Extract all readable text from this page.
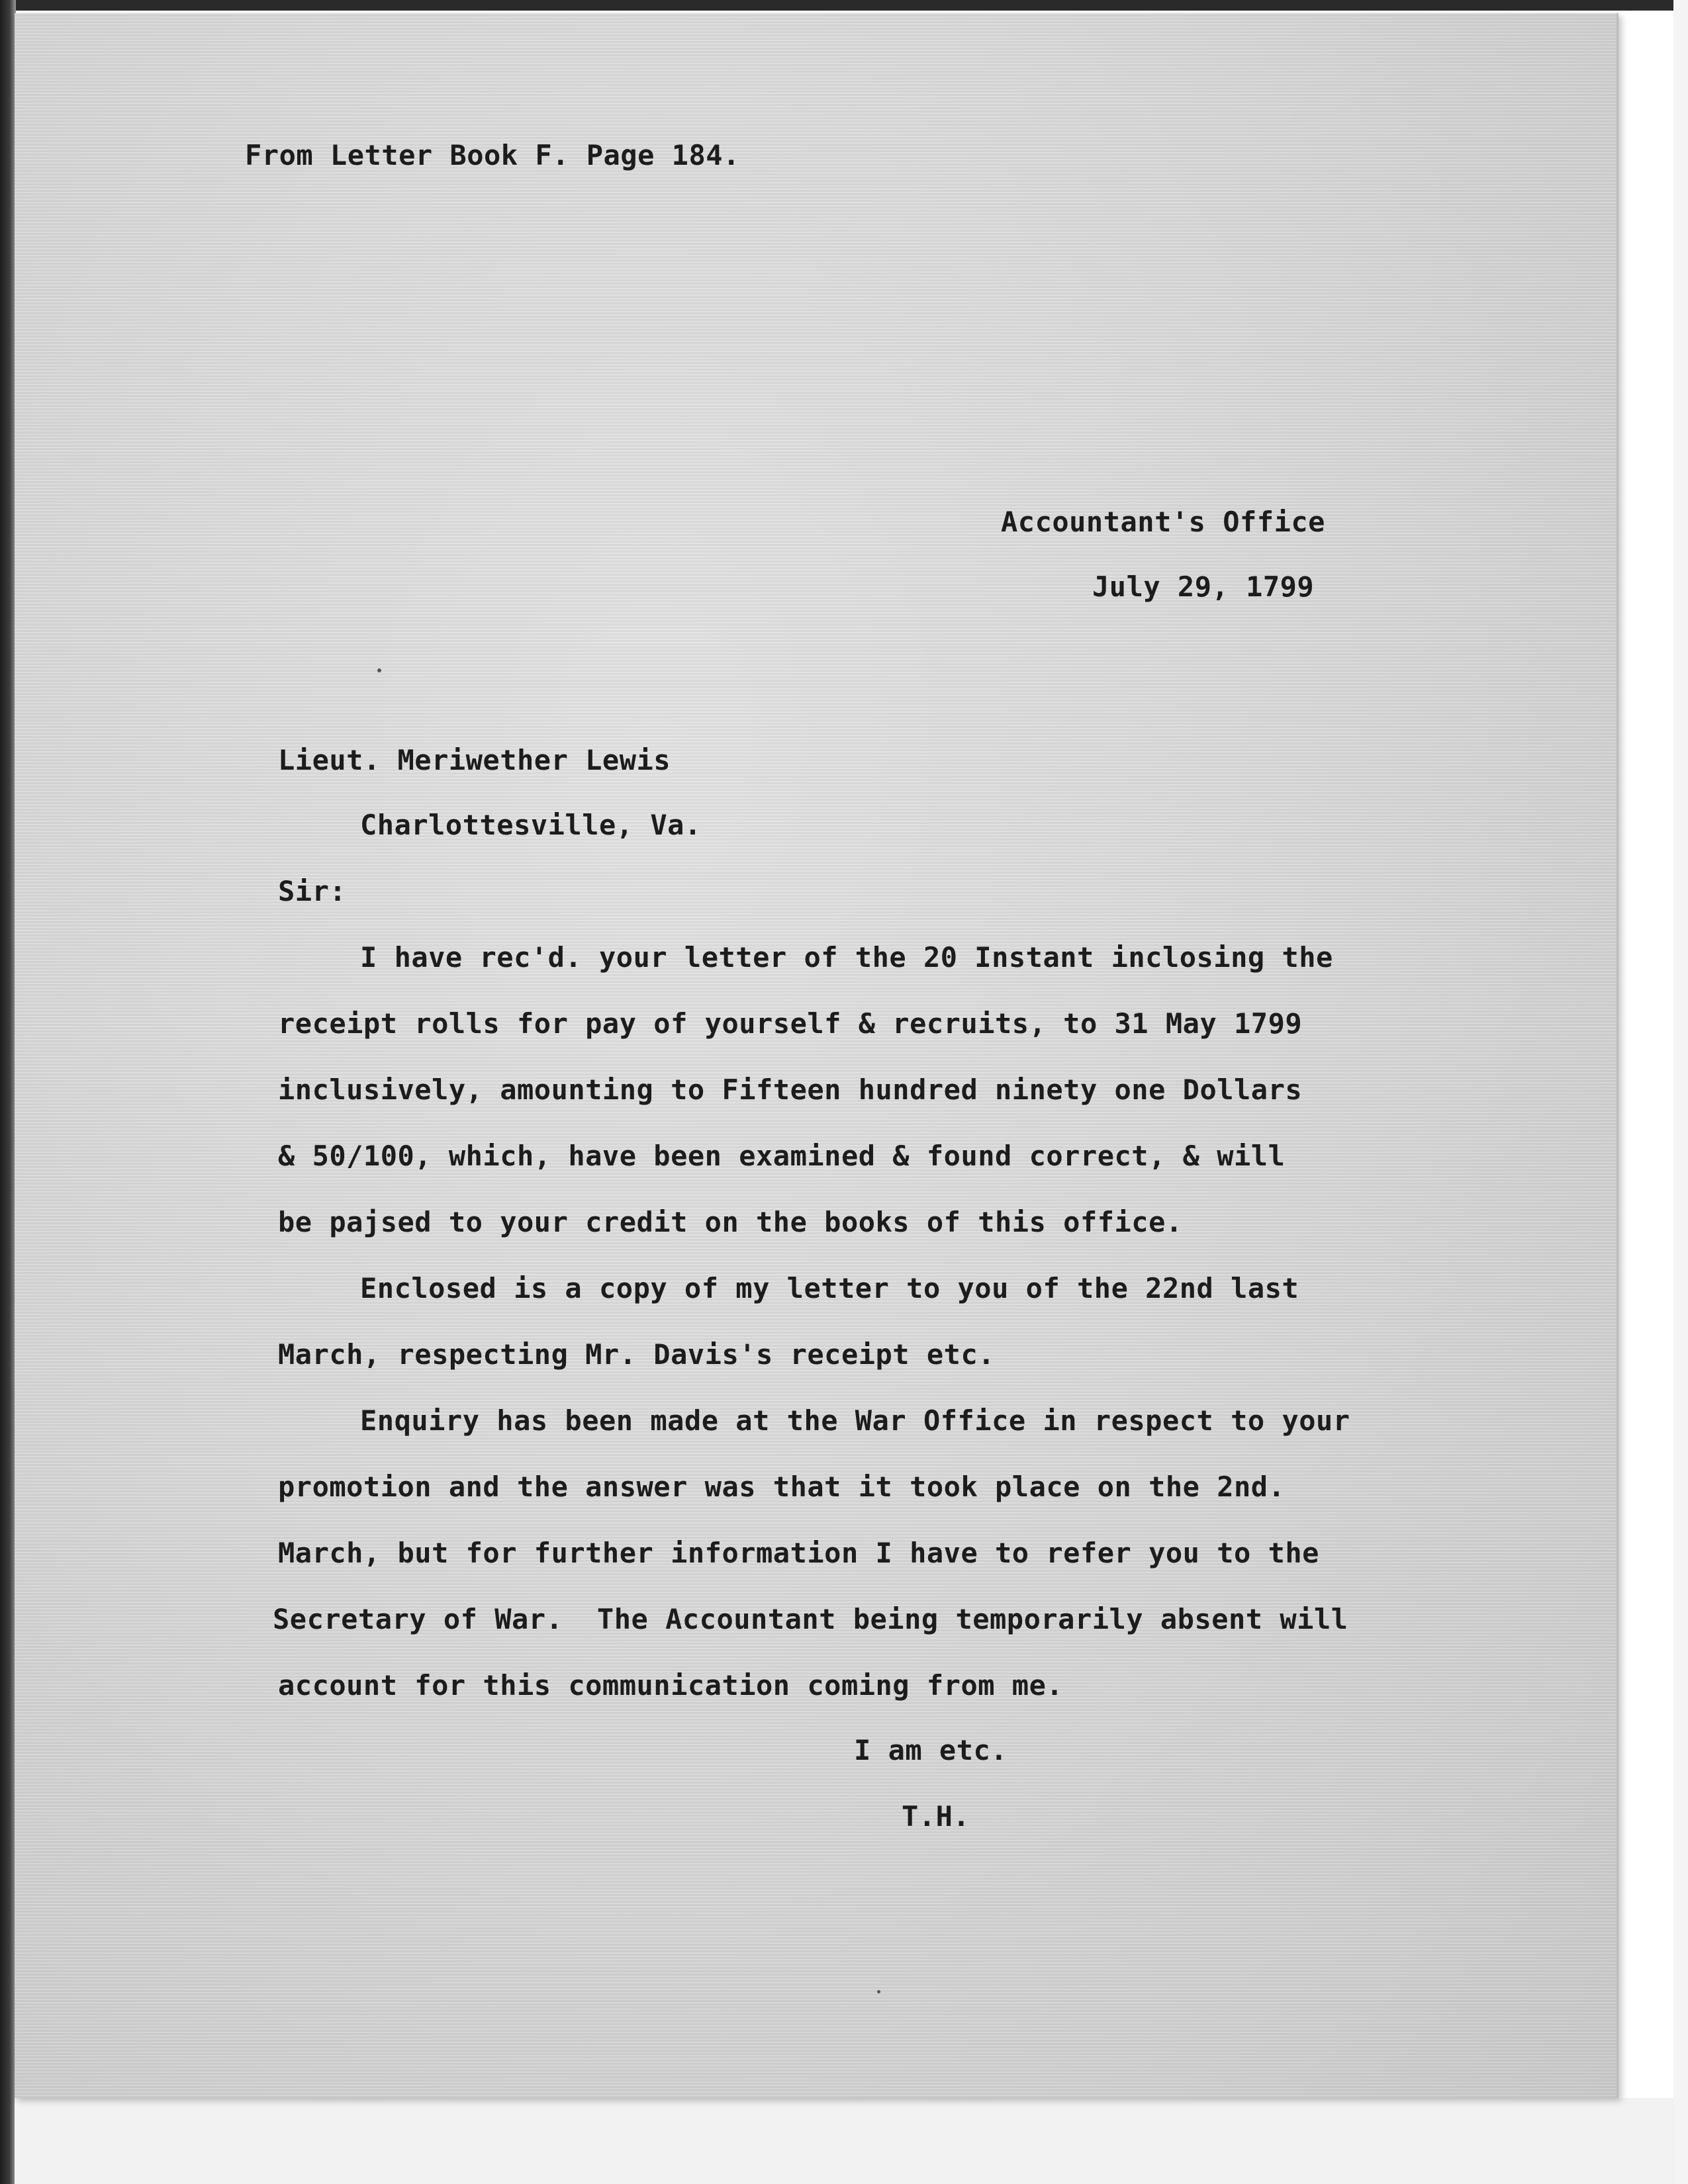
From Letter Book F. Page 184.

Accountant's Office

July 29, 1799

Lieut. Meriwether Lewis

Charlottesville, Va.

Sir:

I have rec'd. your letter of the 20 Instant inclosing the

receipt rolls for pay of yourself & recruits, to 31 May 1799

inclusively, amounting to Fifteen hundred ninety one Dollars

& 50/100, which, have been examined & found correct, & will

be pajsed to your credit on the books of this office.

Enclosed is a copy of my letter to you of the 22nd last

March, respecting Mr. Davis's receipt etc.

Enquiry has been made at the War Office in respect to your

promotion and the answer was that it took place on the 2nd.

March, but for further information I have to refer you to the

Secretary of War.  The Accountant being temporarily absent will

account for this communication coming from me.

I am etc.

T.H.
